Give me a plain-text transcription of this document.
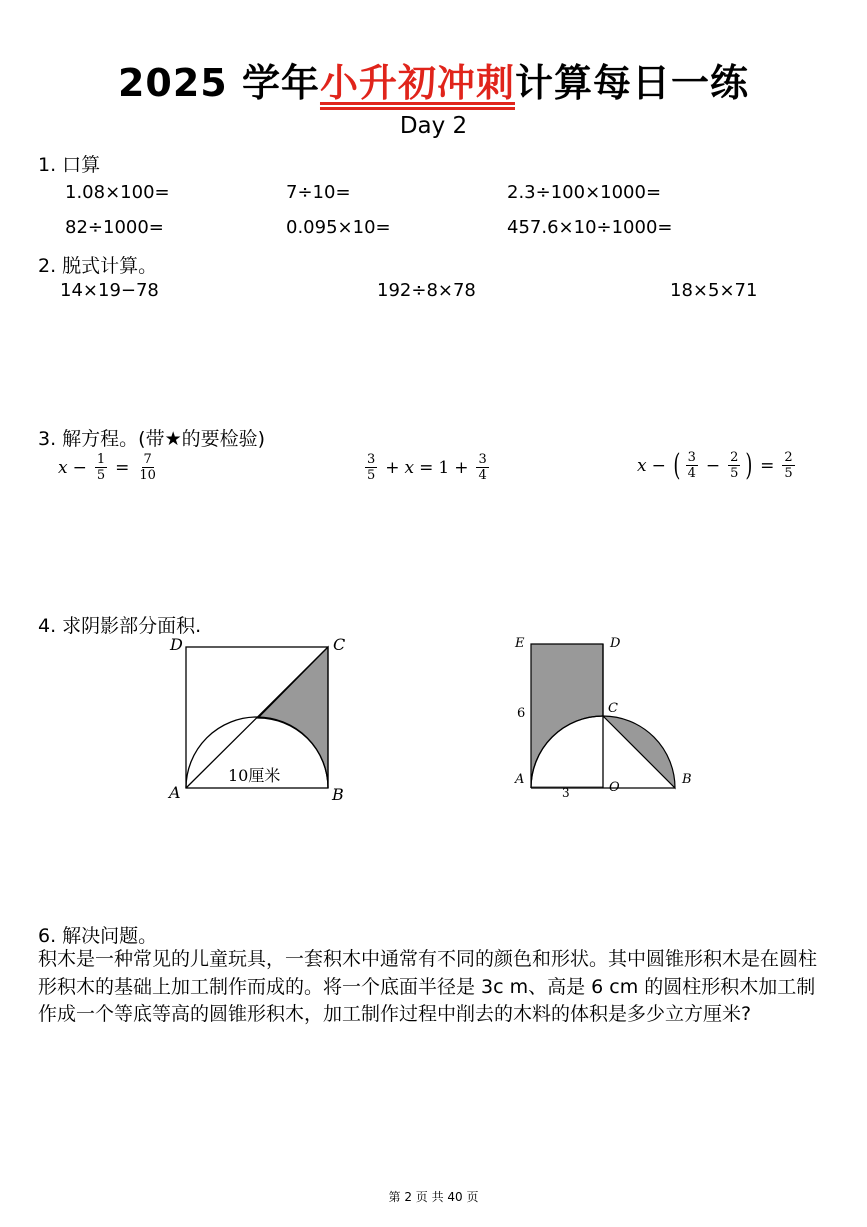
2025 学年小升初冲刺计算每日一练
Day 2
1. 口算
1.08×100=	7÷10=	2.3÷100×1000=
82÷1000=	0.095×10=	457.6×10÷1000=
2. 脱式计算。
14×19−78	192÷8×78	18×5×71
3. 解方程。(带★的要检验)
$x - \frac{1}{5} = \frac{7}{10}$	$\frac{3}{5} + x = 1 + \frac{3}{4}$	x − ( $\frac{3}{4} - \frac{2}{5}$ ) = $\frac{2}{5}$
4. 求阴影部分面积.
D	C
A	B
10厘米
E	D
C
A
O
B
6
3
6. 解决问题。

积木是一种常见的儿童玩具，一套积木中通常有不同的颜色和形状。其中圆锥形积木是在圆柱形积木的基础上加工制作而成的。将一个底面半径是 3c m、高是 6 cm 的圆柱形积木加工制作成一个等底等高的圆锥形积木，加工制作过程中削去的木料的体积是多少立方厘米?

第 2 页 共 40 页
